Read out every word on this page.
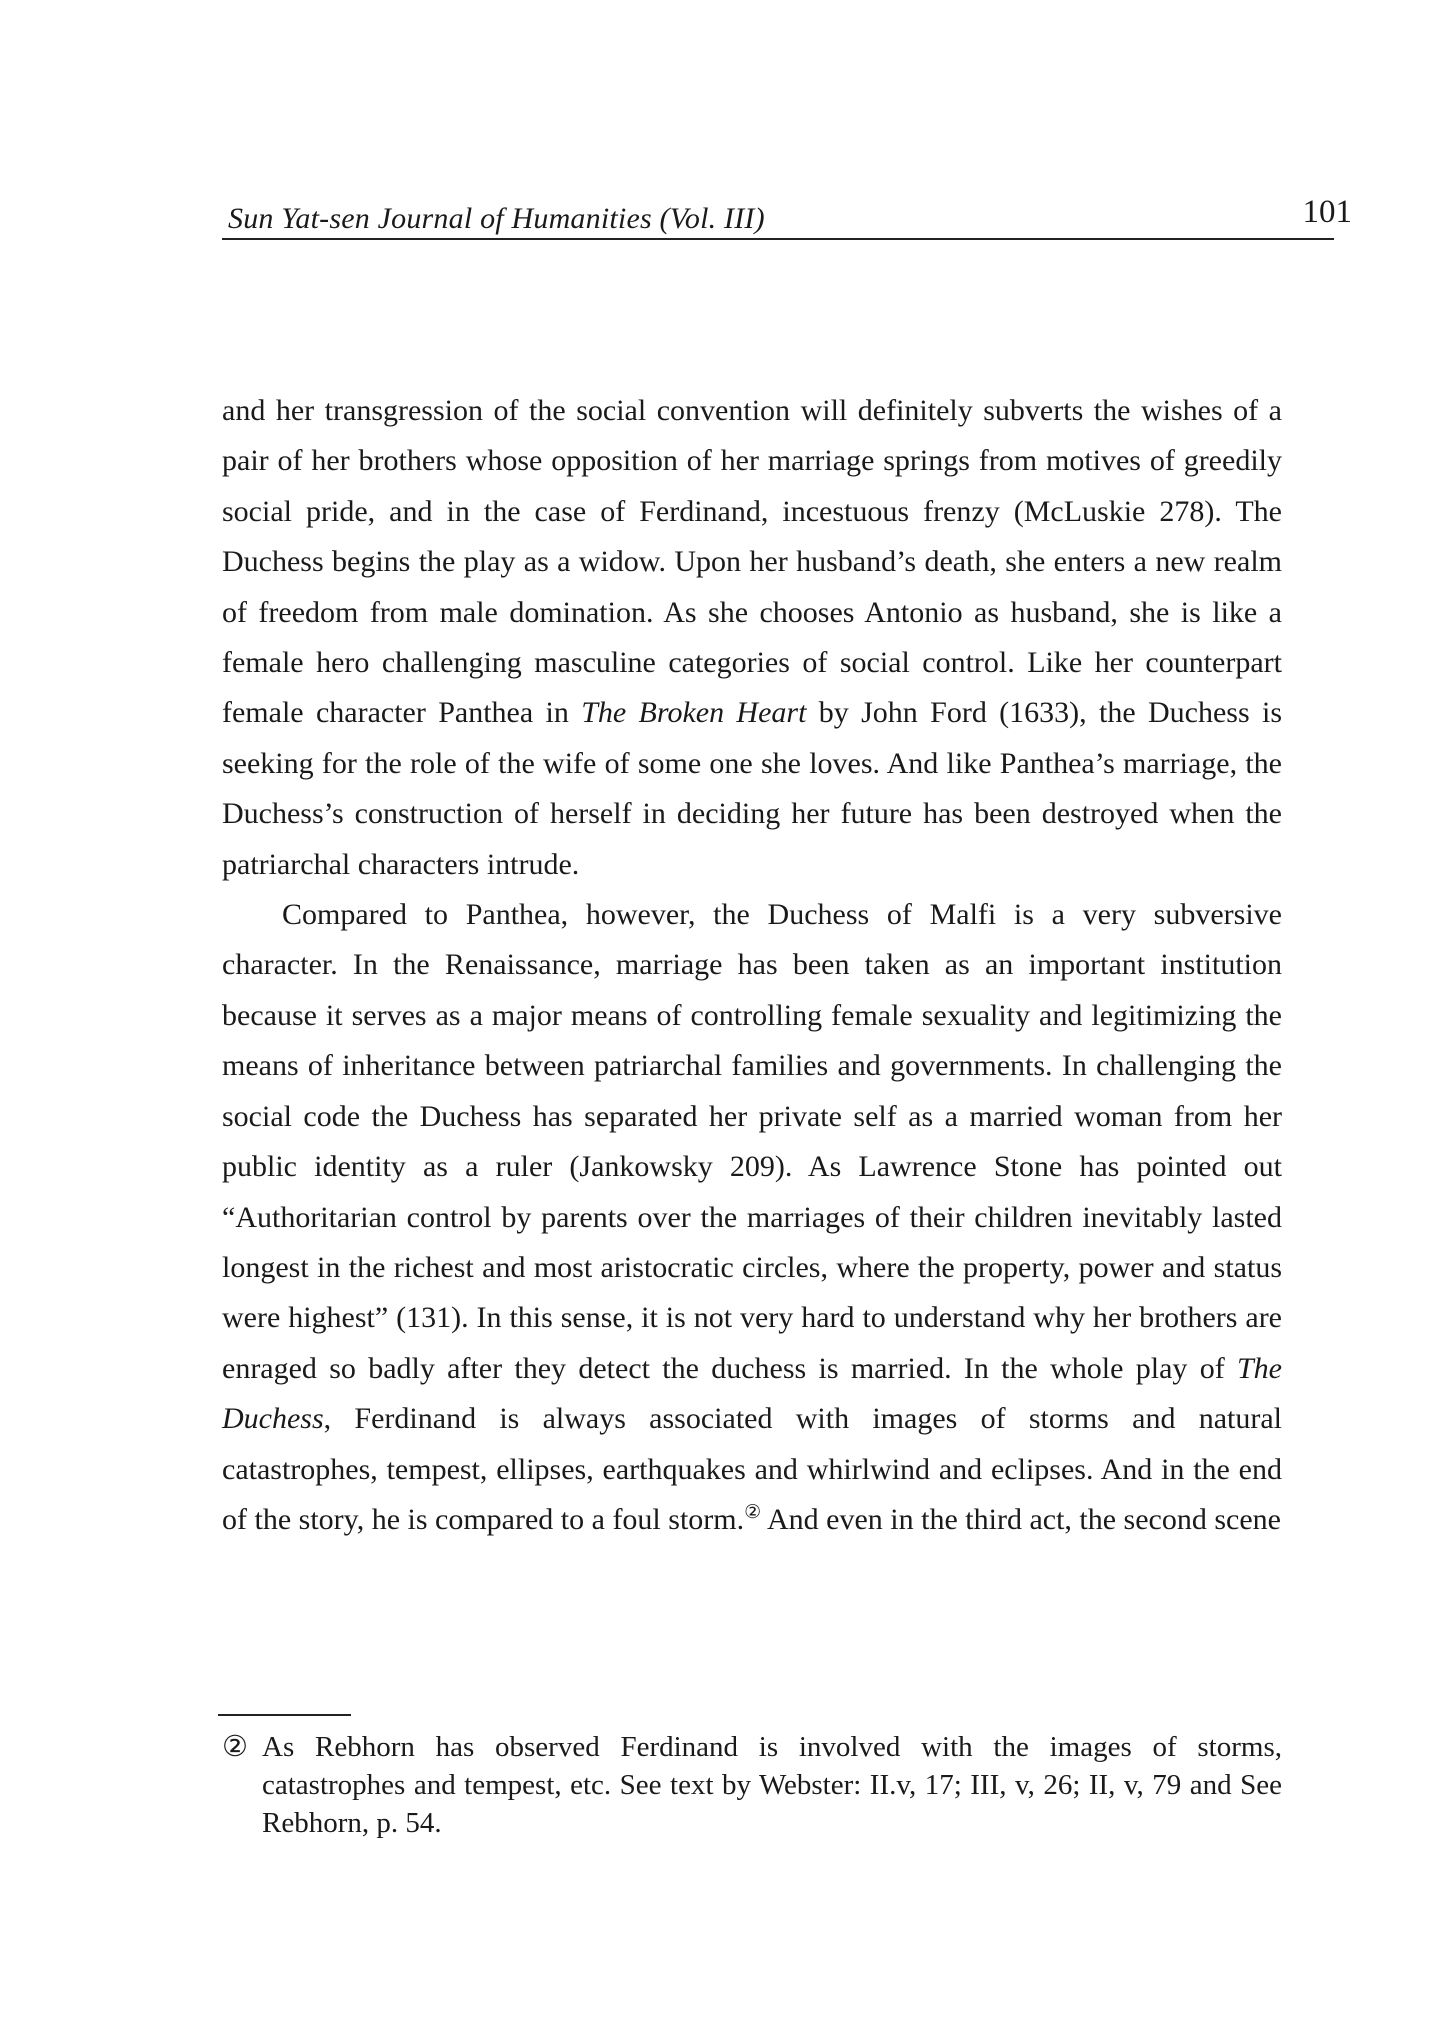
Sun Yat-sen Journal of Humanities (Vol. III)	101

and her transgression of the social convention will definitely subverts the wishes of a pair of her brothers whose opposition of her marriage springs from motives of greedily social pride, and in the case of Ferdinand, incestuous frenzy (McLuskie 278). The Duchess begins the play as a widow. Upon her husband’s death, she enters a new realm of freedom from male domination. As she chooses Antonio as husband, she is like a female hero challenging masculine categories of social control. Like her counterpart female character Panthea in The Broken Heart by John Ford (1633), the Duchess is seeking for the role of the wife of some one she loves. And like Panthea’s marriage, the Duchess’s construction of herself in deciding her future has been destroyed when the patriarchal characters intrude.

Compared to Panthea, however, the Duchess of Malfi is a very subversive character. In the Renaissance, marriage has been taken as an important institution because it serves as a major means of controlling female sexuality and legitimizing the means of inheritance between patriarchal families and governments. In challenging the social code the Duchess has separated her private self as a married woman from her public identity as a ruler (Jankowsky 209). As Lawrence Stone has pointed out “Authoritarian control by parents over the marriages of their children inevitably lasted longest in the richest and most aristocratic circles, where the property, power and status were highest” (131). In this sense, it is not very hard to understand why her brothers are enraged so badly after they detect the duchess is married. In the whole play of The Duchess, Ferdinand is always associated with images of storms and natural catastrophes, tempest, ellipses, earthquakes and whirlwind and eclipses. And in the end of the story, he is compared to a foul storm.② And even in the third act, the second scene

② As Rebhorn has observed Ferdinand is involved with the images of storms, catastrophes and tempest, etc. See text by Webster: II.v, 17; III, v, 26; II, v, 79 and See Rebhorn, p. 54.
